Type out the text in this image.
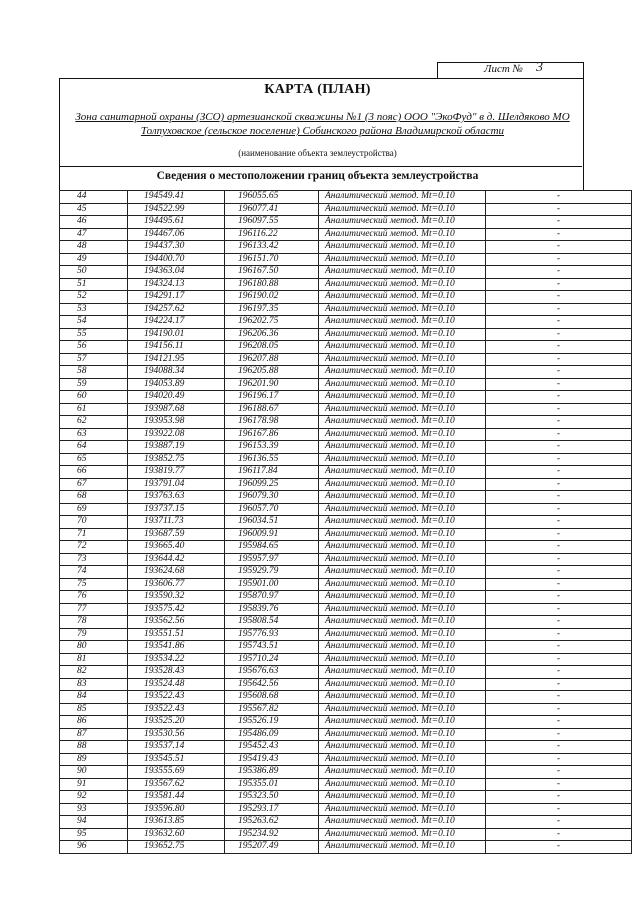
Лист № 3
КАРТА (ПЛАН)
Зона санитарной охраны (ЗСО) артезианской скважины №1 (3 пояс) ООО "ЭкоФуд" в д. Шелдяково МО
Толпуховское (сельское поселение) Собинского района Владимирской области
(наименование объекта землеустройства)
Сведения о местоположении границ объекта землеустройства
44	194549.41	196055.65	Аналитический метод. Mt=0.10	-
45	194522.99	196077.41	Аналитический метод. Mt=0.10	-
46	194495.61	196097.55	Аналитический метод. Mt=0.10	-
47	194467.06	196116.22	Аналитический метод. Mt=0.10	-
48	194437.30	196133.42	Аналитический метод. Mt=0.10	-
49	194400.70	196151.70	Аналитический метод. Mt=0.10	-
50	194363.04	196167.50	Аналитический метод. Mt=0.10	-
51	194324.13	196180.88	Аналитический метод. Mt=0.10	-
52	194291.17	196190.02	Аналитический метод. Mt=0.10	-
53	194257.62	196197.35	Аналитический метод. Mt=0.10	-
54	194224.17	196202.75	Аналитический метод. Mt=0.10	-
55	194190.01	196206.36	Аналитический метод. Mt=0.10	-
56	194156.11	196208.05	Аналитический метод. Mt=0.10	-
57	194121.95	196207.88	Аналитический метод. Mt=0.10	-
58	194088.34	196205.88	Аналитический метод. Mt=0.10	-
59	194053.89	196201.90	Аналитический метод. Mt=0.10	-
60	194020.49	196196.17	Аналитический метод. Mt=0.10	-
61	193987.68	196188.67	Аналитический метод. Mt=0.10	-
62	193953.98	196178.98	Аналитический метод. Mt=0.10	-
63	193922.08	196167.86	Аналитический метод. Mt=0.10	-
64	193887.19	196153.39	Аналитический метод. Mt=0.10	-
65	193852.75	196136.55	Аналитический метод. Mt=0.10	-
66	193819.77	196117.84	Аналитический метод. Mt=0.10	-
67	193791.04	196099.25	Аналитический метод. Mt=0.10	-
68	193763.63	196079.30	Аналитический метод. Mt=0.10	-
69	193737.15	196057.70	Аналитический метод. Mt=0.10	-
70	193711.73	196034.51	Аналитический метод. Mt=0.10	-
71	193687.59	196009.91	Аналитический метод. Mt=0.10	-
72	193665.40	195984.65	Аналитический метод. Mt=0.10	-
73	193644.42	195957.97	Аналитический метод. Mt=0.10	-
74	193624.68	195929.79	Аналитический метод. Mt=0.10	-
75	193606.77	195901.00	Аналитический метод. Mt=0.10	-
76	193590.32	195870.97	Аналитический метод. Mt=0.10	-
77	193575.42	195839.76	Аналитический метод. Mt=0.10	-
78	193562.56	195808.54	Аналитический метод. Mt=0.10	-
79	193551.51	195776.93	Аналитический метод. Mt=0.10	-
80	193541.86	195743.51	Аналитический метод. Mt=0.10	-
81	193534.22	195710.24	Аналитический метод. Mt=0.10	-
82	193528.43	195676.63	Аналитический метод. Mt=0.10	-
83	193524.48	195642.56	Аналитический метод. Mt=0.10	-
84	193522.43	195608.68	Аналитический метод. Mt=0.10	-
85	193522.43	195567.82	Аналитический метод. Mt=0.10	-
86	193525.20	195526.19	Аналитический метод. Mt=0.10	-
87	193530.56	195486.09	Аналитический метод. Mt=0.10	-
88	193537.14	195452.43	Аналитический метод. Mt=0.10	-
89	193545.51	195419.43	Аналитический метод. Mt=0.10	-
90	193555.69	195386.89	Аналитический метод. Mt=0.10	-
91	193567.62	195355.01	Аналитический метод. Mt=0.10	-
92	193581.44	195323.50	Аналитический метод. Mt=0.10	-
93	193596.80	195293.17	Аналитический метод. Mt=0.10	-
94	193613.85	195263.62	Аналитический метод. Mt=0.10	-
95	193632.60	195234.92	Аналитический метод. Mt=0.10	-
96	193652.75	195207.49	Аналитический метод. Mt=0.10	-
